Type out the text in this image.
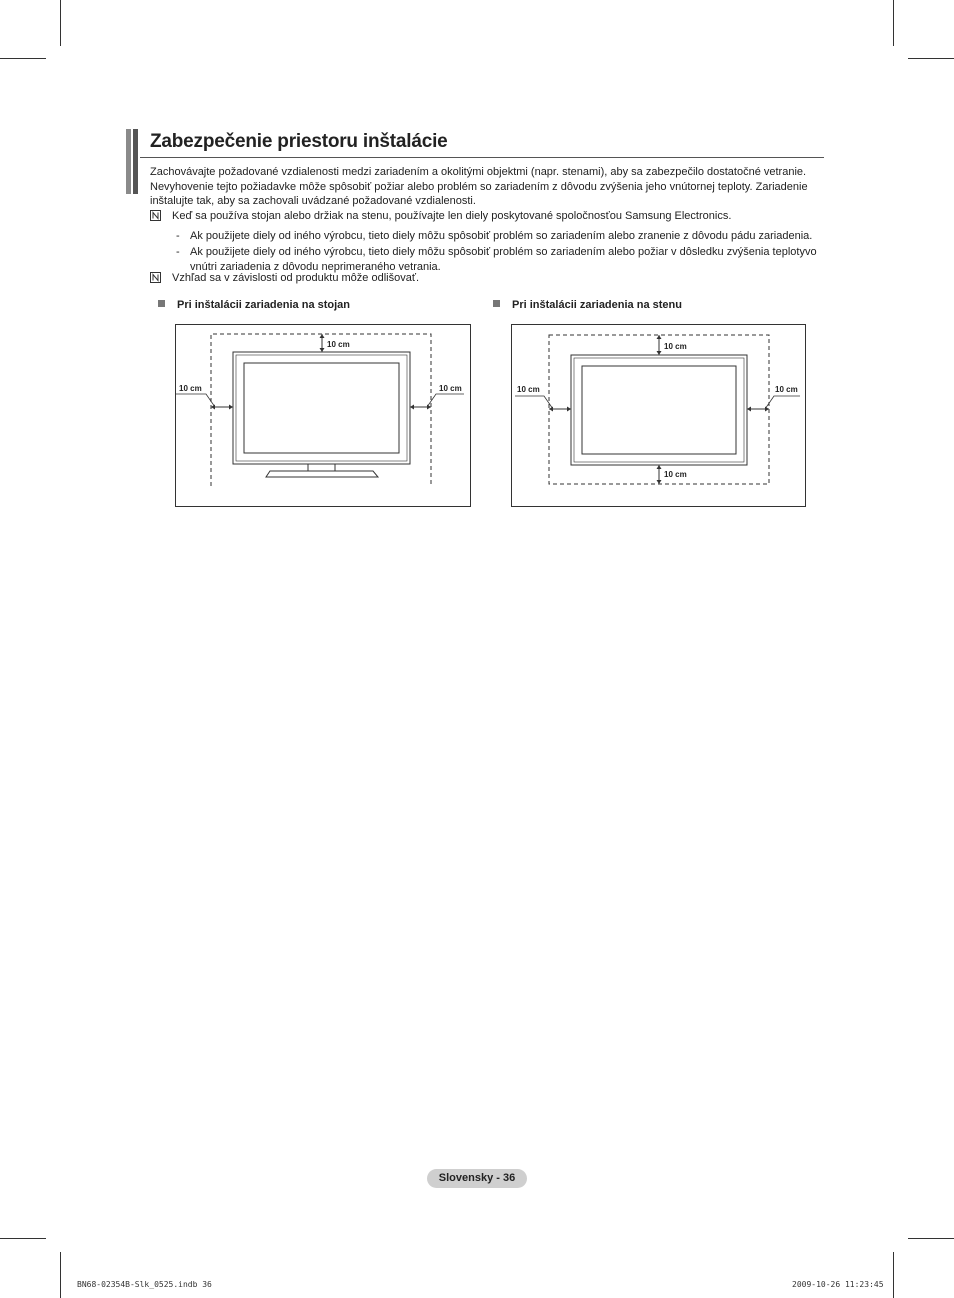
Zabezpečenie priestoru inštalácie
Zachovávajte požadované vzdialenosti medzi zariadením a okolitými objektmi (napr. stenami), aby sa zabezpečilo dostatočné vetranie. Nevyhovenie tejto požiadavke môže spôsobiť požiar alebo problém so zariadením z dôvodu zvýšenia jeho vnútornej teploty. Zariadenie inštalujte tak, aby sa zachovali uvádzané požadované vzdialenosti.
Keď sa používa stojan alebo držiak na stenu, používajte len diely poskytované spoločnosťou Samsung Electronics.
- Ak použijete diely od iného výrobcu, tieto diely môžu spôsobiť problém so zariadením alebo zranenie z dôvodu pádu zariadenia.
- Ak použijete diely od iného výrobcu, tieto diely môžu spôsobiť problém so zariadením alebo požiar v dôsledku zvýšenia teplotyvo vnútri zariadenia z dôvodu neprimeraného vetrania.
Vzhľad sa v závislosti od produktu môže odlišovať.
Pri inštalácii zariadenia na stojan	Pri inštalácii zariadenia na stenu
10 cm
10 cm	10 cm
10 cm
10 cm
10 cm	10 cm
Slovensky - 36
BN68-02354B-Slk_0525.indb 36	2009-10-26 11:23:45
